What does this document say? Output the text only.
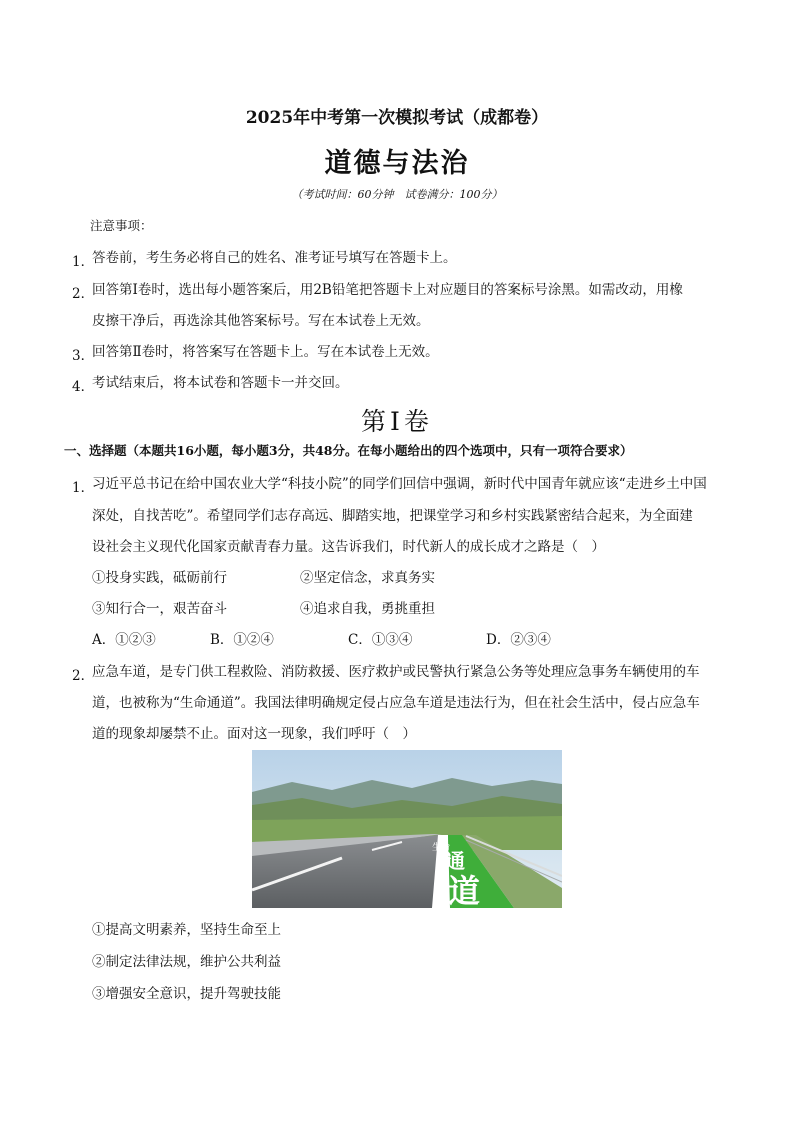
2025年中考第一次模拟考试（成都卷）
道德与法治
（考试时间：60分钟　试卷满分：100分）
注意事项：
1．
答卷前，考生务必将自己的姓名、准考证号填写在答题卡上。
2．
回答第Ⅰ卷时，选出每小题答案后，用2B铅笔把答题卡上对应题目的答案标号涂黑。如需改动，用橡
皮擦干净后，再选涂其他答案标号。写在本试卷上无效。
3．
回答第Ⅱ卷时，将答案写在答题卡上。写在本试卷上无效。
4．
考试结束后，将本试卷和答题卡一并交回。
第Ⅰ卷
一、选择题（本题共16小题，每小题3分，共48分。在每小题给出的四个选项中，只有一项符合要求）
1．
习近平总书记在给中国农业大学“科技小院”的同学们回信中强调，新时代中国青年就应该“走进乡土中国
深处，自找苦吃”。希望同学们志存高远、脚踏实地，把课堂学习和乡村实践紧密结合起来，为全面建
设社会主义现代化国家贡献青春力量。这告诉我们，时代新人的成长成才之路是（　）
①投身实践，砥砺前行	②坚定信念，求真务实
③知行合一，艰苦奋斗	④追求自我，勇挑重担
A．①②③	B．①②④	C．①③④	D．②③④
2．
应急车道，是专门供工程救险、消防救援、医疗救护或民警执行紧急公务等处理应急事务车辆使用的车
道，也被称为“生命通道”。我国法律明确规定侵占应急车道是违法行为，但在社会生活中，侵占应急车
道的现象却屡禁不止。面对这一现象，我们呼吁（　）
生命
通
道
①提高文明素养，坚持生命至上
②制定法律法规，维护公共利益
③增强安全意识，提升驾驶技能
